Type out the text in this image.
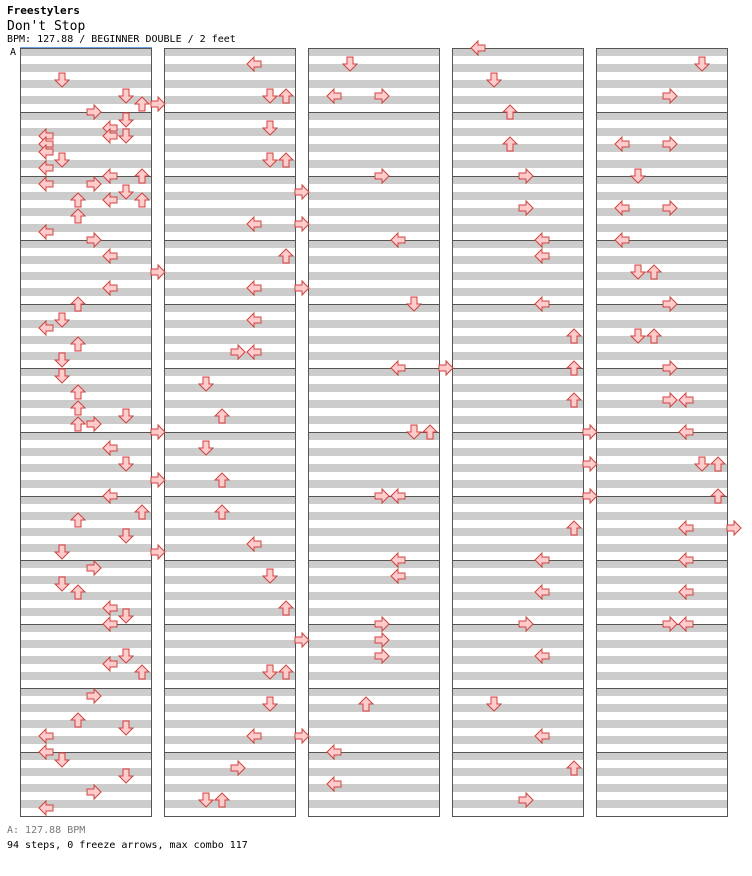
Freestylers
Don't Stop
BPM: 127.88 / BEGINNER DOUBLE / 2 feet
A
A: 127.88 BPM
94 steps, 0 freeze arrows, max combo 117
